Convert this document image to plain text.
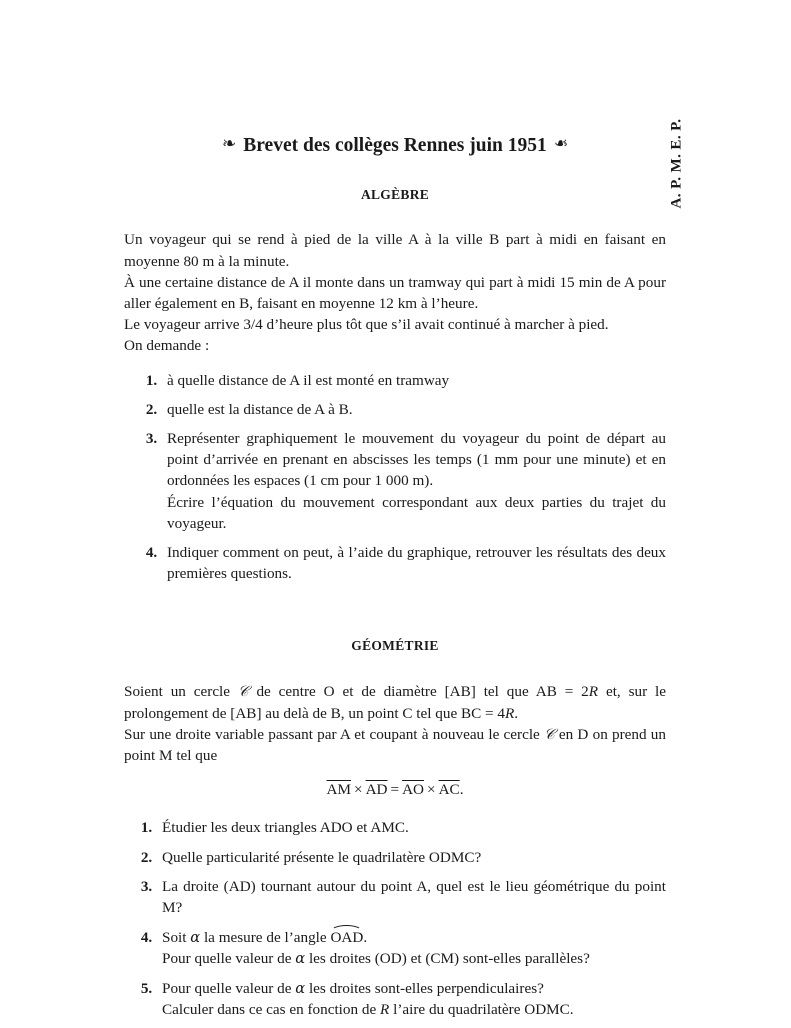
A. P. M. E. P.
❧ Brevet des collèges Rennes juin 1951 ❧
ALGÈBRE

Un voyageur qui se rend à pied de la ville A à la ville B part à midi en faisant en moyenne 80 m à la minute.

À une certaine distance de A il monte dans un tramway qui part à midi 15 min de A pour aller également en B, faisant en moyenne 12 km à l’heure.

Le voyageur arrive 3/4 d’heure plus tôt que s’il avait continué à marcher à pied.

On demande :

1. à quelle distance de A il est monté en tramway
2. quelle est la distance de A à B.
3. Représenter graphiquement le mouvement du voyageur du point de départ au point d’arrivée en prenant en abscisses les temps (1 mm pour une minute) et en ordonnées les espaces (1 cm pour 1 000 m).
Écrire l’équation du mouvement correspondant aux deux parties du trajet du voyageur.
4. Indiquer comment on peut, à l’aide du graphique, retrouver les résultats des deux premières questions.
GÉOMÉTRIE

Soient un cercle 𝒞 de centre O et de diamètre [AB] tel que AB = 2R et, sur le prolongement de [AB] au delà de B, un point C tel que BC = 4R.

Sur une droite variable passant par A et coupant à nouveau le cercle 𝒞 en D on prend un point M tel que

$\overline{AM} \times \overline{AD} = \overline{AO} \times \overline{AC}$.

1. Étudier les deux triangles ADO et AMC.
2. Quelle particularité présente le quadrilatère ODMC?
3. La droite (AD) tournant autour du point A, quel est le lieu géométrique du point M?
4. Soit α la mesure de l’angle
OAD.
Pour quelle valeur de α les droites (OD) et (CM) sont-elles parallèles?
5. Pour quelle valeur de α les droites sont-elles perpendiculaires?
Calculer dans ce cas en fonction de R l’aire du quadrilatère ODMC.
